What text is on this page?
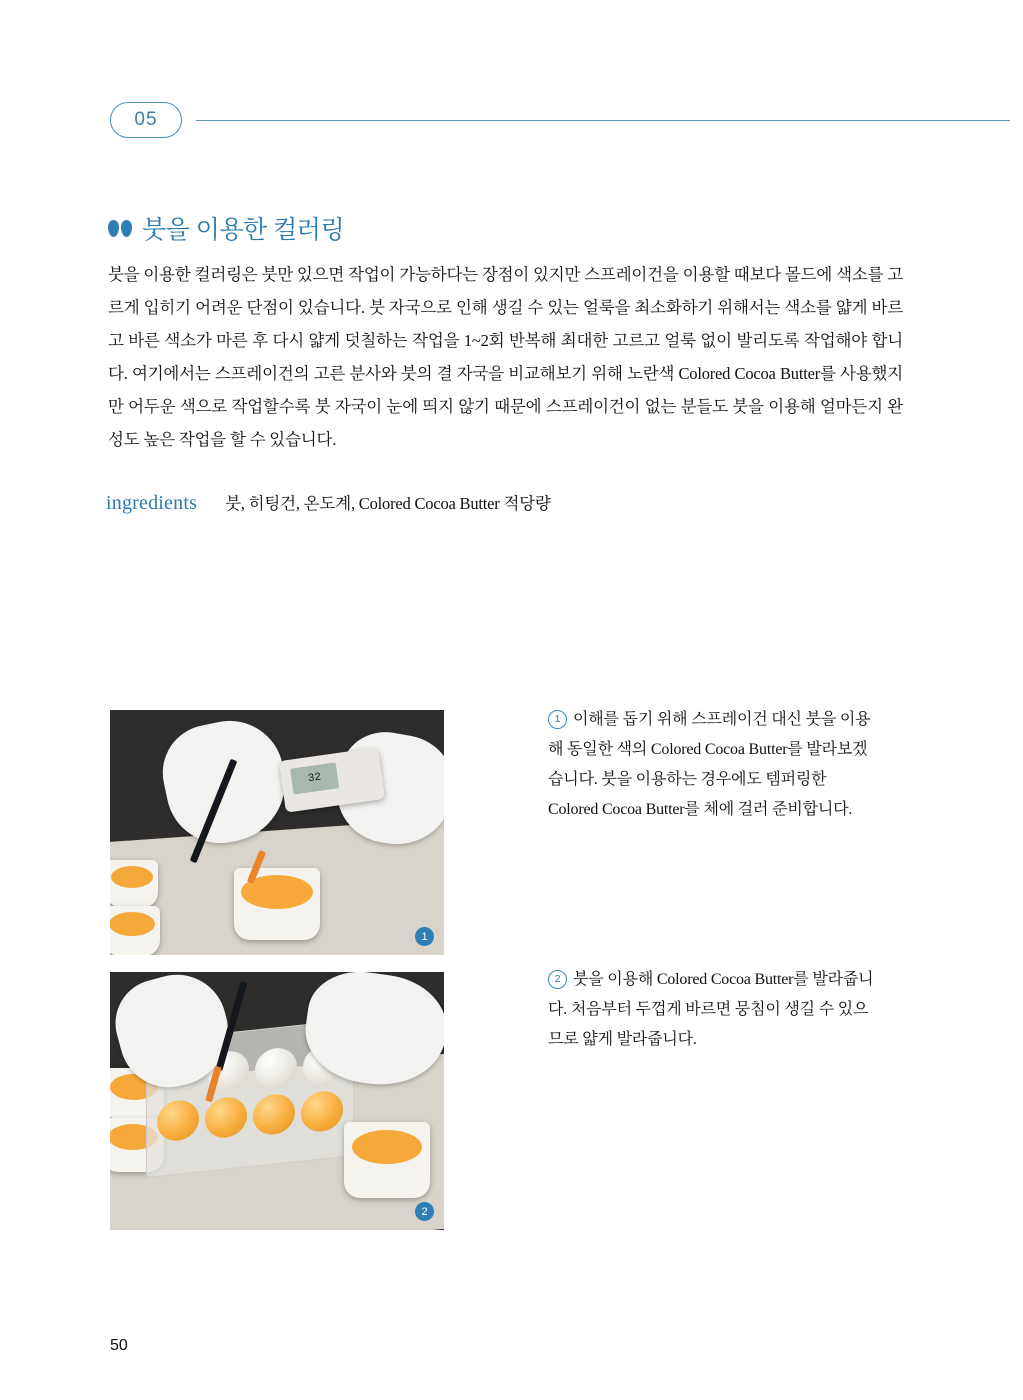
05
붓을 이용한 컬러링
붓을 이용한 컬러링은 붓만 있으면 작업이 가능하다는 장점이 있지만 스프레이건을 이용할 때보다 몰드에 색소를 고르게 입히기 어려운 단점이 있습니다. 붓 자국으로 인해 생길 수 있는 얼룩을 최소화하기 위해서는 색소를 얇게 바르고 바른 색소가 마른 후 다시 얇게 덧칠하는 작업을 1~2회 반복해 최대한 고르고 얼룩 없이 발리도록 작업해야 합니다. 여기에서는 스프레이건의 고른 분사와 붓의 결 자국을 비교해보기 위해 노란색 Colored Cocoa Butter를 사용했지만 어두운 색으로 작업할수록 붓 자국이 눈에 띄지 않기 때문에 스프레이건이 없는 분들도 붓을 이용해 얼마든지 완성도 높은 작업을 할 수 있습니다.
ingredients 붓, 히팅건, 온도계, Colored Cocoa Butter 적당량
32
1
2
1 이해를 돕기 위해 스프레이건 대신 붓을 이용해 동일한 색의 Colored Cocoa Butter를 발라보겠습니다. 붓을 이용하는 경우에도 템퍼링한 Colored Cocoa Butter를 체에 걸러 준비합니다.
2 붓을 이용해 Colored Cocoa Butter를 발라줍니다. 처음부터 두껍게 바르면 뭉침이 생길 수 있으므로 얇게 발라줍니다.
50
